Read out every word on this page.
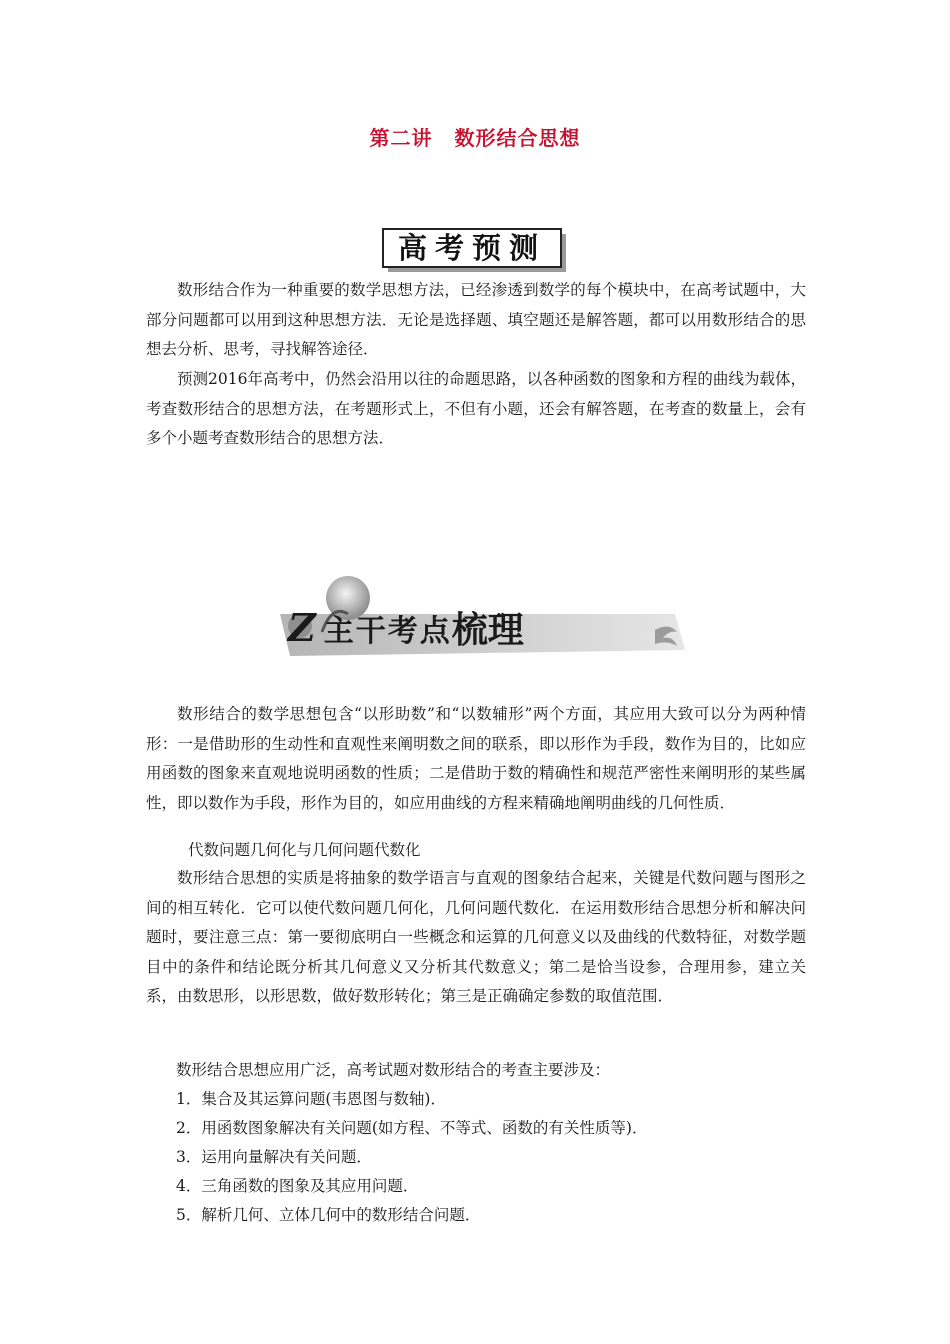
第二讲 数形结合思想
高考预测

数形结合作为一种重要的数学思想方法，已经渗透到数学的每个模块中，在高考试题中，大部分问题都可以用到这种思想方法．无论是选择题、填空题还是解答题，都可以用数形结合的思想去分析、思考，寻找解答途径．

预测2016年高考中，仍然会沿用以往的命题思路，以各种函数的图象和方程的曲线为载体，考查数形结合的思想方法，在考题形式上，不但有小题，还会有解答题，在考查的数量上，会有多个小题考查数形结合的思想方法．

Z 主干考点梳理

数形结合的数学思想包含“以形助数”和“以数辅形”两个方面，其应用大致可以分为两种情形：一是借助形的生动性和直观性来阐明数之间的联系，即以形作为手段，数作为目的，比如应用函数的图象来直观地说明函数的性质；二是借助于数的精确性和规范严密性来阐明形的某些属性，即以数作为手段，形作为目的，如应用曲线的方程来精确地阐明曲线的几何性质．

代数问题几何化与几何问题代数化

数形结合思想的实质是将抽象的数学语言与直观的图象结合起来，关键是代数问题与图形之间的相互转化．它可以使代数问题几何化，几何问题代数化．在运用数形结合思想分析和解决问题时，要注意三点：第一要彻底明白一些概念和运算的几何意义以及曲线的代数特征，对数学题目中的条件和结论既分析其几何意义又分析其代数意义；第二是恰当设参，合理用参，建立关系，由数思形，以形思数，做好数形转化；第三是正确确定参数的取值范围．

数形结合思想应用广泛，高考试题对数形结合的考查主要涉及：

1．集合及其运算问题(韦恩图与数轴)．

2．用函数图象解决有关问题(如方程、不等式、函数的有关性质等)．

3．运用向量解决有关问题．

4．三角函数的图象及其应用问题．

5．解析几何、立体几何中的数形结合问题．
